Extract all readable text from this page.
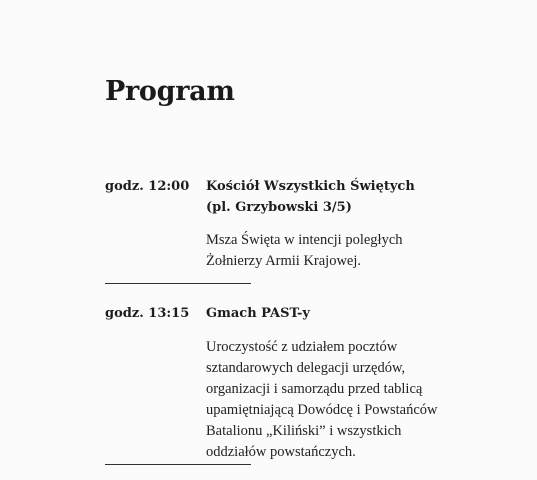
Program
godz. 12:00 Kościół Wszystkich Świętych
(pl. Grzybowski 3/5)
Msza Święta w intencji poległych
Żołnierzy Armii Krajowej.
godz. 13:15 Gmach PAST-y
Uroczystość z udziałem pocztów
sztandarowych delegacji urzędów,
organizacji i samorządu przed tablicą
upamiętniającą Dowódcę i Powstańców
Batalionu „Kiliński” i wszystkich
oddziałów powstańczych.
